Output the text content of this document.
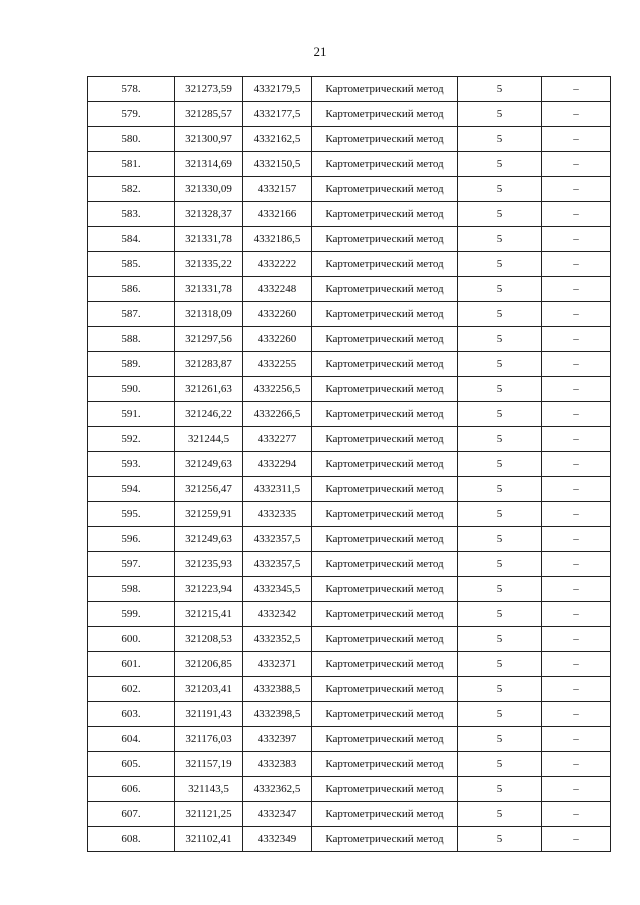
21
578.	321273,59	4332179,5	Картометрический метод	5	–
579.	321285,57	4332177,5	Картометрический метод	5	–
580.	321300,97	4332162,5	Картометрический метод	5	–
581.	321314,69	4332150,5	Картометрический метод	5	–
582.	321330,09	4332157	Картометрический метод	5	–
583.	321328,37	4332166	Картометрический метод	5	–
584.	321331,78	4332186,5	Картометрический метод	5	–
585.	321335,22	4332222	Картометрический метод	5	–
586.	321331,78	4332248	Картометрический метод	5	–
587.	321318,09	4332260	Картометрический метод	5	–
588.	321297,56	4332260	Картометрический метод	5	–
589.	321283,87	4332255	Картометрический метод	5	–
590.	321261,63	4332256,5	Картометрический метод	5	–
591.	321246,22	4332266,5	Картометрический метод	5	–
592.	321244,5	4332277	Картометрический метод	5	–
593.	321249,63	4332294	Картометрический метод	5	–
594.	321256,47	4332311,5	Картометрический метод	5	–
595.	321259,91	4332335	Картометрический метод	5	–
596.	321249,63	4332357,5	Картометрический метод	5	–
597.	321235,93	4332357,5	Картометрический метод	5	–
598.	321223,94	4332345,5	Картометрический метод	5	–
599.	321215,41	4332342	Картометрический метод	5	–
600.	321208,53	4332352,5	Картометрический метод	5	–
601.	321206,85	4332371	Картометрический метод	5	–
602.	321203,41	4332388,5	Картометрический метод	5	–
603.	321191,43	4332398,5	Картометрический метод	5	–
604.	321176,03	4332397	Картометрический метод	5	–
605.	321157,19	4332383	Картометрический метод	5	–
606.	321143,5	4332362,5	Картометрический метод	5	–
607.	321121,25	4332347	Картометрический метод	5	–
608.	321102,41	4332349	Картометрический метод	5	–
